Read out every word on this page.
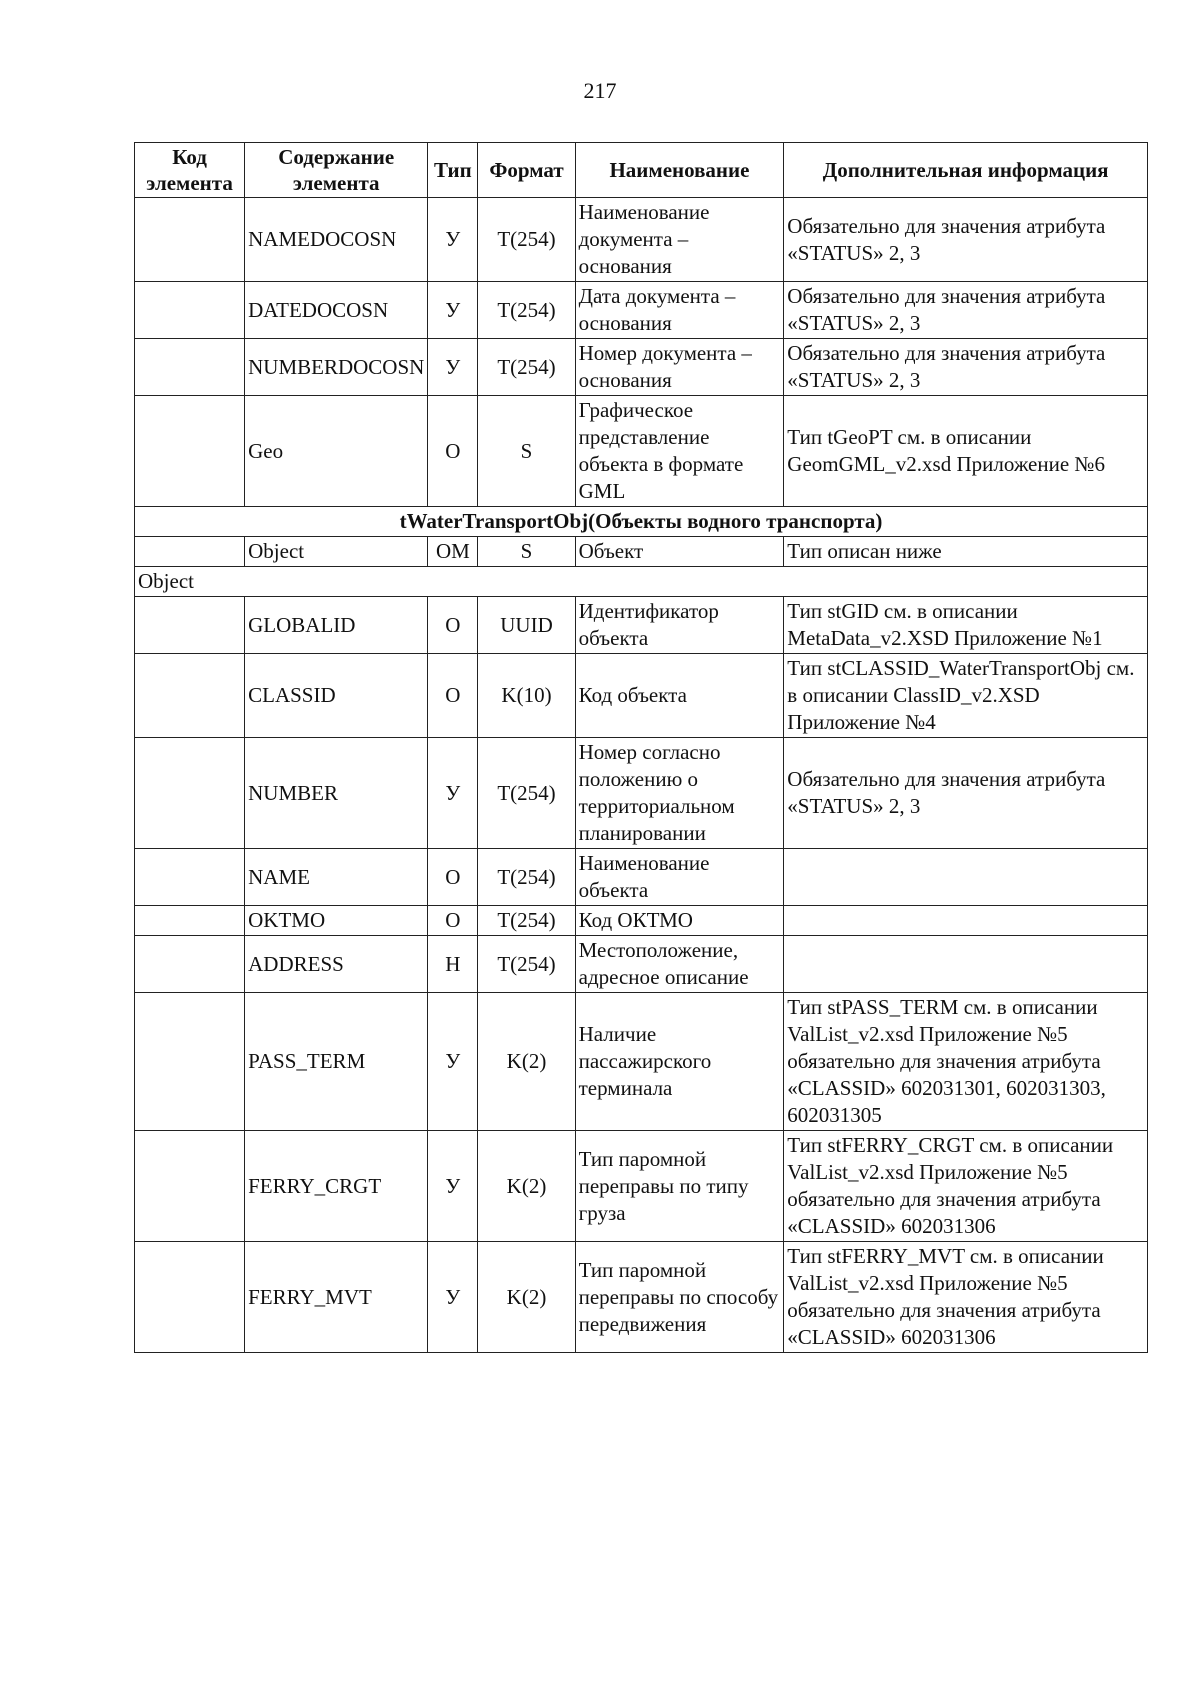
217
Код элемента	Содержание элемента	Тип	Формат	Наименование	Дополнительная информация
	NAMEDOCOSN	У	T(254)	Наименование документа – основания	Обязательно для значения атрибута «STATUS» 2, 3
	DATEDOCOSN	У	T(254)	Дата документа – основания	Обязательно для значения атрибута «STATUS» 2, 3
	NUMBERDOCOSN	У	T(254)	Номер документа – основания	Обязательно для значения атрибута «STATUS» 2, 3
	Geo	O	S	Графическое представление объекта в формате GML	Тип tGeoPT см. в описании GeomGML_v2.xsd Приложение №6
tWaterTransportObj(Объекты водного транспорта)					
	Object	OM	S	Объект	Тип описан ниже
Object					
	GLOBALID	O	UUID	Идентификатор объекта	Тип stGID см. в описании MetaData_v2.XSD Приложение №1
	CLASSID	O	K(10)	Код объекта	Тип stCLASSID_WaterTransportObj см. в описании ClassID_v2.XSD Приложение №4
	NUMBER	У	T(254)	Номер согласно положению о территориальном планировании	Обязательно для значения атрибута «STATUS» 2, 3
	NAME	O	T(254)	Наименование объекта	
	OKTMO	O	T(254)	Код ОКТМО	
	ADDRESS	Н	T(254)	Местоположение, адресное описание	
	PASS_TERM	У	K(2)	Наличие пассажирского терминала	Тип stPASS_TERM см. в описании ValList_v2.xsd Приложение №5 обязательно для значения атрибута «CLASSID» 602031301, 602031303, 602031305
	FERRY_CRGT	У	K(2)	Тип паромной переправы по типу груза	Тип stFERRY_CRGT см. в описании ValList_v2.xsd Приложение №5 обязательно для значения атрибута «CLASSID» 602031306
	FERRY_MVT	У	K(2)	Тип паромной переправы по способу передвижения	Тип stFERRY_MVT см. в описании ValList_v2.xsd Приложение №5 обязательно для значения атрибута «CLASSID» 602031306
